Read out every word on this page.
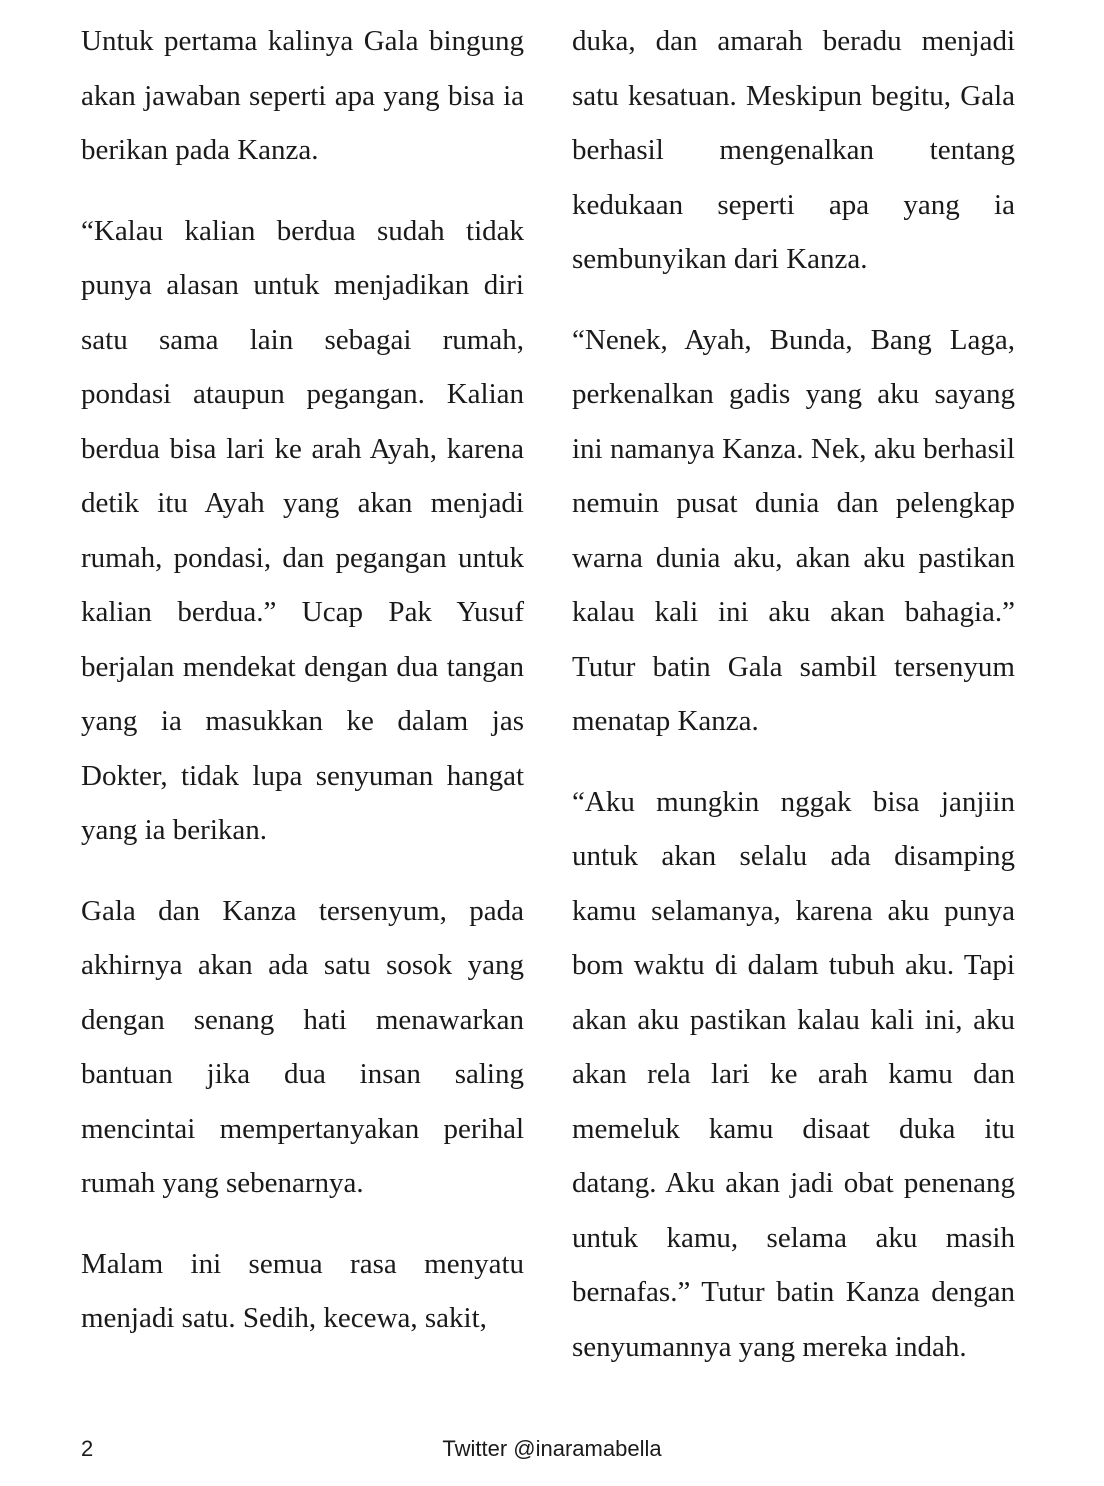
Untuk pertama kalinya Gala bingung akan jawaban seperti apa yang bisa ia berikan pada Kanza.

“Kalau kalian berdua sudah tidak punya alasan untuk menjadikan diri satu sama lain sebagai rumah, pondasi ataupun pegangan. Kalian berdua bisa lari ke arah Ayah, karena detik itu Ayah yang akan menjadi rumah, pondasi, dan pegangan untuk kalian berdua.” Ucap Pak Yusuf berjalan mendekat dengan dua tangan yang ia masukkan ke dalam jas Dokter, tidak lupa senyuman hangat yang ia berikan.

Gala dan Kanza tersenyum, pada akhirnya akan ada satu sosok yang dengan senang hati menawarkan bantuan jika dua insan saling mencintai mempertanyakan perihal rumah yang sebenarnya.

Malam ini semua rasa menyatu menjadi satu. Sedih, kecewa, sakit,

duka, dan amarah beradu menjadi satu kesatuan. Meskipun begitu, Gala berhasil mengenalkan tentang kedukaan seperti apa yang ia sembunyikan dari Kanza.

“Nenek, Ayah, Bunda, Bang Laga, perkenalkan gadis yang aku sayang ini namanya Kanza. Nek, aku berhasil nemuin pusat dunia dan pelengkap warna dunia aku, akan aku pastikan kalau kali ini aku akan bahagia.” Tutur batin Gala sambil tersenyum menatap Kanza.

“Aku mungkin nggak bisa janjiin untuk akan selalu ada disamping kamu selamanya, karena aku punya bom waktu di dalam tubuh aku. Tapi akan aku pastikan kalau kali ini, aku akan rela lari ke arah kamu dan memeluk kamu disaat duka itu datang. Aku akan jadi obat penenang untuk kamu, selama aku masih bernafas.” Tutur batin Kanza dengan senyumannya yang mereka indah.

2	Twitter @inaramabella
